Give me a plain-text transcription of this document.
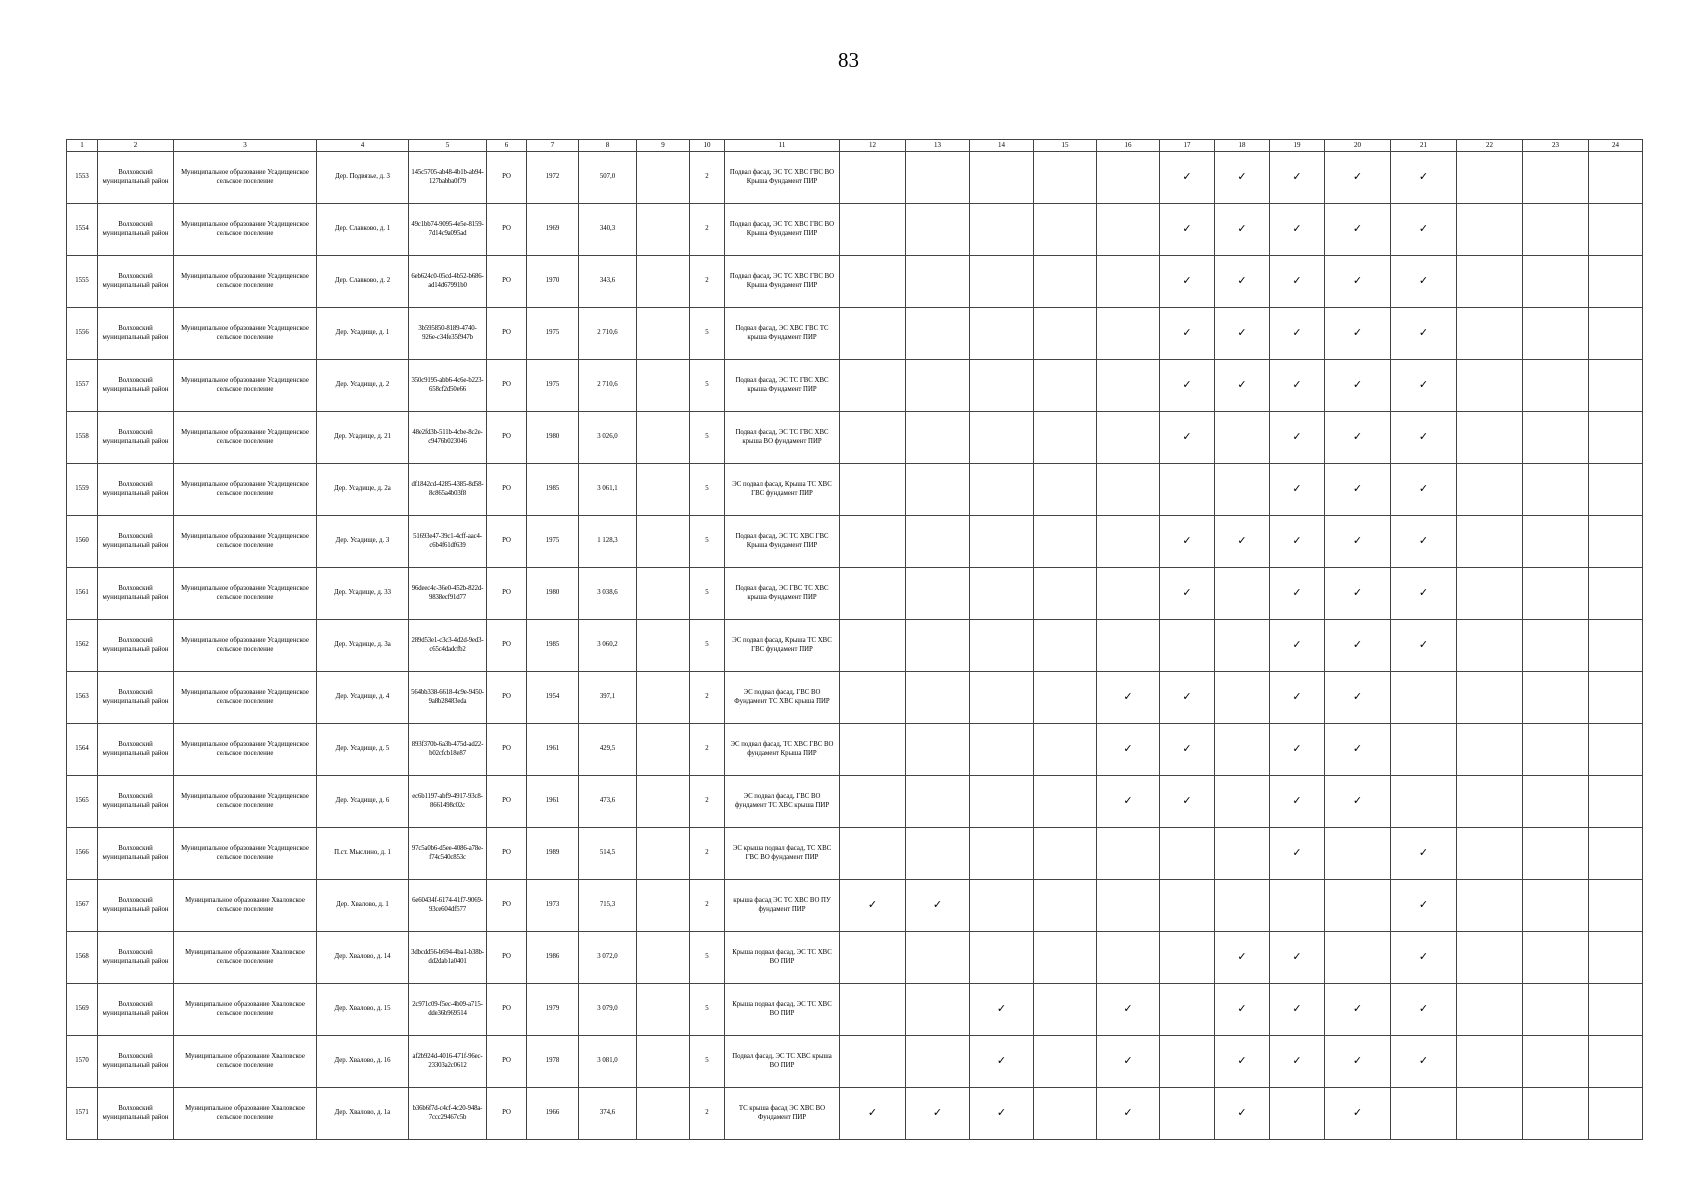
83
1	2	3	4	5	6	7	8	9	10	11	12	13	14	15	16	17	18	19	20	21	22	23	24
1553	Волховский муниципальный район	Муниципальное образование Усадищенское сельское поселение	Дер. Подвязье, д. 3	145c5705-ab48-4b1b-ab94-127babba0f79	РО	1972	507,0		2	Подвал фасад, ЭС ТС ХВС ГВС ВО Крыша Фундамент ПИР						✓	✓	✓	✓	✓			
1554	Волховский муниципальный район	Муниципальное образование Усадищенское сельское поселение	Дер. Славково, д. 1	49c1bb74-9095-4e5e-8159-7d14c9a095ad	РО	1969	340,3		2	Подвал фасад, ЭС ТС ХВС ГВС ВО Крыша Фундамент ПИР						✓	✓	✓	✓	✓			
1555	Волховский муниципальный район	Муниципальное образование Усадищенское сельское поселение	Дер. Славково, д. 2	6eb624c0-05cd-4b52-b686-ad14d67991b0	РО	1970	343,6		2	Подвал фасад, ЭС ТС ХВС ГВС ВО Крыша Фундамент ПИР						✓	✓	✓	✓	✓			
1556	Волховский муниципальный район	Муниципальное образование Усадищенское сельское поселение	Дер. Усадище, д. 1	3b595850-8189-4740-926e-c34fe35f947b	РО	1975	2 710,6		5	Подвал фасад, ЭС ХВС ГВС ТС крыша Фундамент ПИР						✓	✓	✓	✓	✓			
1557	Волховский муниципальный район	Муниципальное образование Усадищенское сельское поселение	Дер. Усадище, д. 2	350c9195-abb6-4c6e-b223-658cf2d50e66	РО	1975	2 710,6		5	Подвал фасад, ЭС ТС ГВС ХВС крыша Фундамент ПИР						✓	✓	✓	✓	✓			
1558	Волховский муниципальный район	Муниципальное образование Усадищенское сельское поселение	Дер. Усадище, д. 21	48e2fd3b-511b-4cbe-8c2e-c9476b023046	РО	1980	3 026,0		5	Подвал фасад, ЭС ТС ГВС ХВС крыша ВО фундамент ПИР						✓		✓	✓	✓			
1559	Волховский муниципальный район	Муниципальное образование Усадищенское сельское поселение	Дер. Усадище, д. 2а	df1842cd-4285-4385-8d58-8c865a4b03f8	РО	1985	3 061,1		5	ЭС подвал фасад, Крыша ТС ХВС ГВС фундамент ПИР								✓	✓	✓			
1560	Волховский муниципальный район	Муниципальное образование Усадищенское сельское поселение	Дер. Усадище, д. 3	51693e47-39c1-4cff-aac4-c6b4f61df639	РО	1975	1 128,3		5	Подвал фасад, ЭС ТС ХВС ГВС Крыша Фундамент ПИР						✓	✓	✓	✓	✓			
1561	Волховский муниципальный район	Муниципальное образование Усадищенское сельское поселение	Дер. Усадище, д. 33	96deec4c-36e0-452b-822d-9838ecf91d77	РО	1980	3 038,6		5	Подвал фасад, ЭС ГВС ТС ХВС крыша Фундамент ПИР						✓		✓	✓	✓			
1562	Волховский муниципальный район	Муниципальное образование Усадищенское сельское поселение	Дер. Усадище, д. 3а	289d53e1-c3c3-4d2d-9ed3-c65c4dadcfb2	РО	1985	3 060,2		5	ЭС подвал фасад, Крыша ТС ХВС ГВС фундамент ПИР								✓	✓	✓			
1563	Волховский муниципальный район	Муниципальное образование Усадищенское сельское поселение	Дер. Усадище, д. 4	564bb338-6618-4c9e-9450-9a8b28483eda	РО	1954	397,1		2	ЭС подвал фасад, ГВС ВО Фундамент ТС ХВС крыша ПИР					✓	✓		✓	✓				
1564	Волховский муниципальный район	Муниципальное образование Усадищенское сельское поселение	Дер. Усадище, д. 5	893f370b-6a3b-475d-ad22-b02cfcb18e87	РО	1961	429,5		2	ЭС подвал фасад, ТС ХВС ГВС ВО фундамент Крыша ПИР					✓	✓		✓	✓				
1565	Волховский муниципальный район	Муниципальное образование Усадищенское сельское поселение	Дер. Усадище, д. 6	ec6b1197-abf9-4917-93c8-8661498c02c	РО	1961	473,6		2	ЭС подвал фасад, ГВС ВО фундамент ТС ХВС крыша ПИР					✓	✓		✓	✓				
1566	Волховский муниципальный район	Муниципальное образование Усадищенское сельское поселение	П.ст. Мыслино, д. 1	97c5a0b6-d5ee-4086-a78e-f74c540c853c	РО	1989	514,5		2	ЭС крыша подвал фасад, ТС ХВС ГВС ВО фундамент ПИР								✓		✓			
1567	Волховский муниципальный район	Муниципальное образование Хваловское сельское поселение	Дер. Хвалово, д. 1	6e60434f-6174-41f7-9069-93ce604df577	РО	1973	715,3		2	крыша фасад ЭС ТС ХВС ВО ПУ фундамент ПИР	✓	✓								✓			
1568	Волховский муниципальный район	Муниципальное образование Хваловское сельское поселение	Дер. Хвалово, д. 14	3dbcdd56-b694-4ba1-b38b-dd2dab1a0401	РО	1986	3 072,0		5	Крыша подвал фасад, ЭС ТС ХВС ВО ПИР							✓	✓		✓			
1569	Волховский муниципальный район	Муниципальное образование Хваловское сельское поселение	Дер. Хвалово, д. 15	2c971c09-f5ec-4b09-a715-dde36b969514	РО	1979	3 079,0		5	Крыша подвал фасад, ЭС ТС ХВС ВО ПИР			✓		✓		✓	✓	✓	✓			
1570	Волховский муниципальный район	Муниципальное образование Хваловское сельское поселение	Дер. Хвалово, д. 16	af2b924d-4016-471f-96ec-23303a2c0612	РО	1978	3 081,0		5	Подвал фасад, ЭС ТС ХВС крыша ВО ПИР			✓		✓		✓	✓	✓	✓			
1571	Волховский муниципальный район	Муниципальное образование Хваловское сельское поселение	Дер. Хвалово, д. 1а	b36b6f7d-c4cf-4c20-948a-7ccc29467c5b	РО	1966	374,6		2	ТС крыша фасад ЭС ХВС ВО Фундамент ПИР	✓	✓	✓		✓		✓		✓				
